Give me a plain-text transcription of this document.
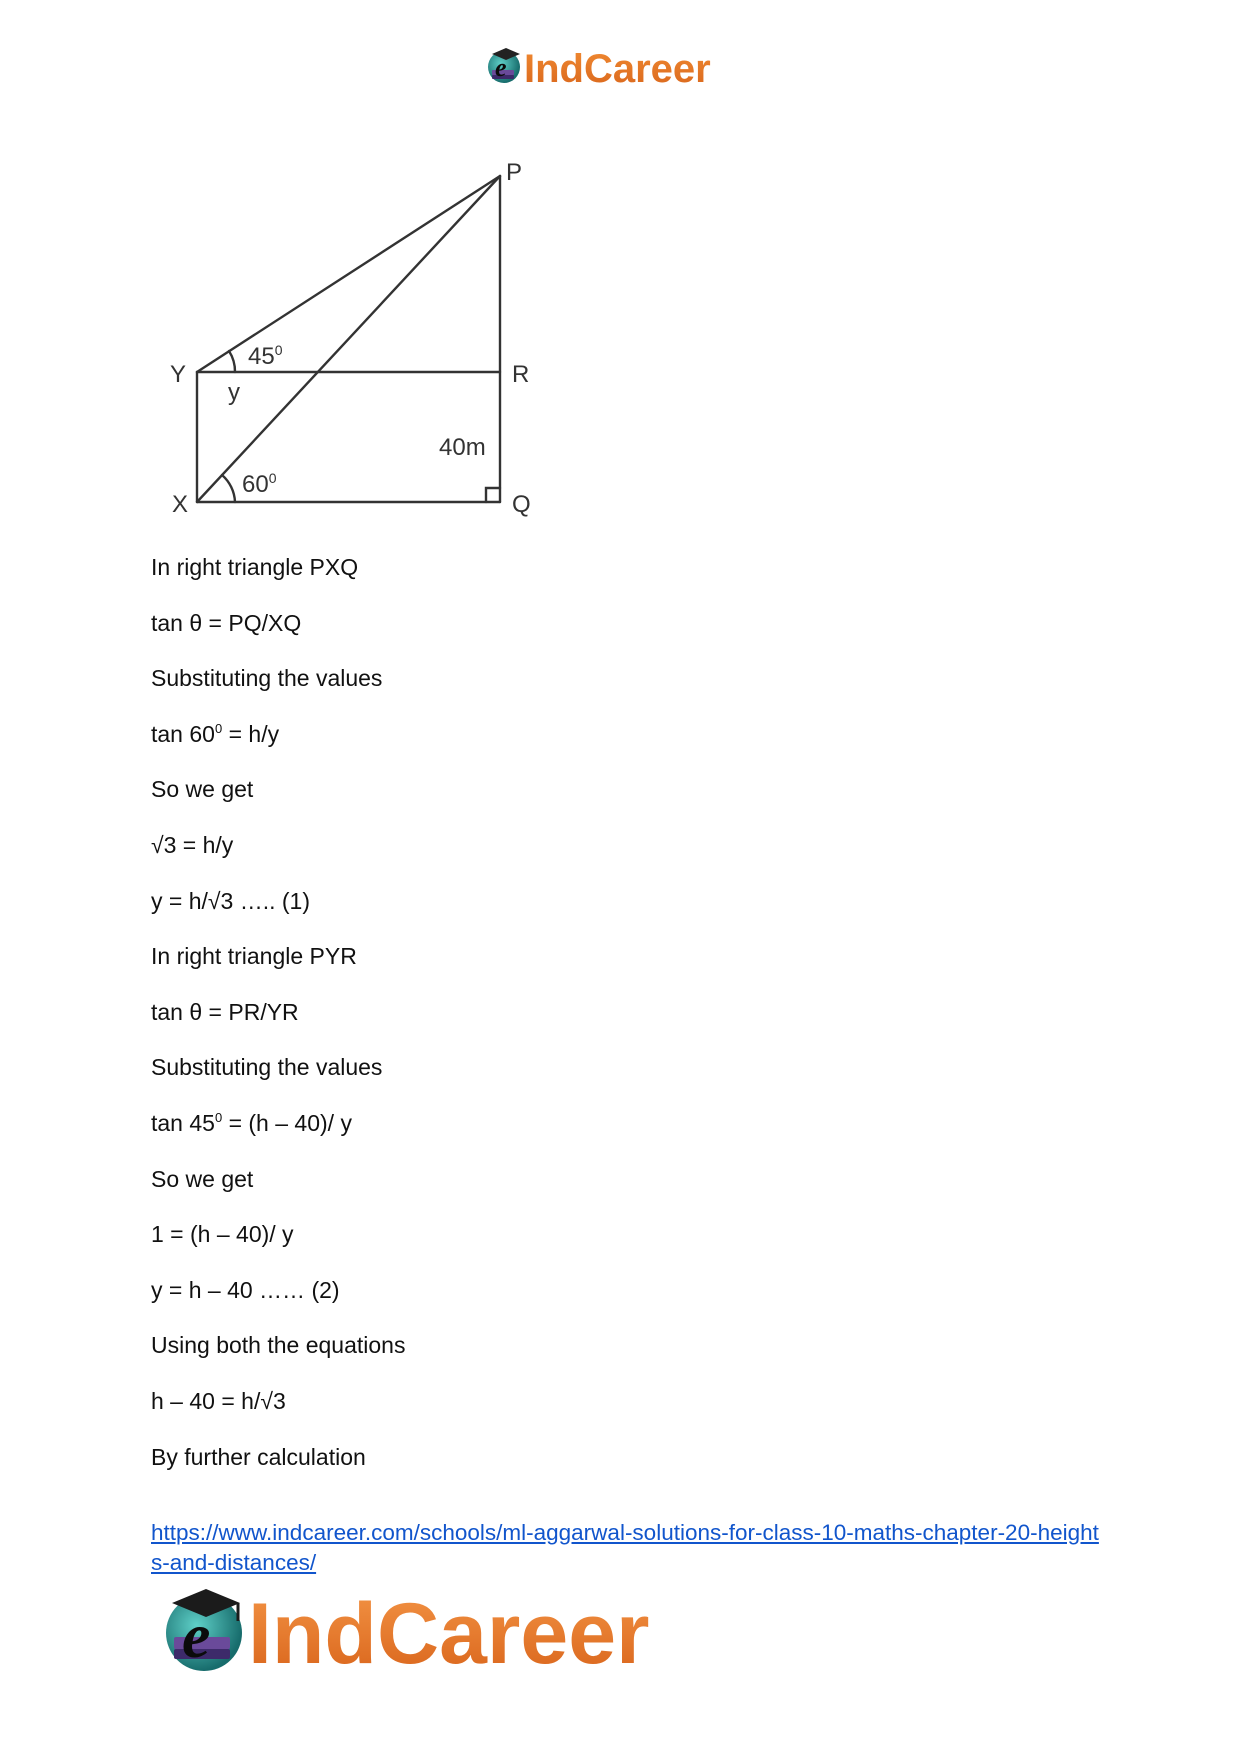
e IndCareer
P
Y	R
X	Q
y
40m
$45^0$
$60^0$
In right triangle PXQ
tan θ = PQ/XQ
Substituting the values
$\tan 60^0 = h/y$
So we get
√3 = h/y
y = h/√3 ….. (1)
In right triangle PYR
tan θ = PR/YR
Substituting the values
$\tan 45^0 = (h - 40)/$ y
So we get
1 = (h – 40)/ y
y = h – 40 …… (2)
Using both the equations
h – 40 = h/√3
By further calculation
https://www.indcareer.com/schools/ml-aggarwal-solutions-for-class-10-maths-chapter-20-heights-and-distances/
e IndCareer
